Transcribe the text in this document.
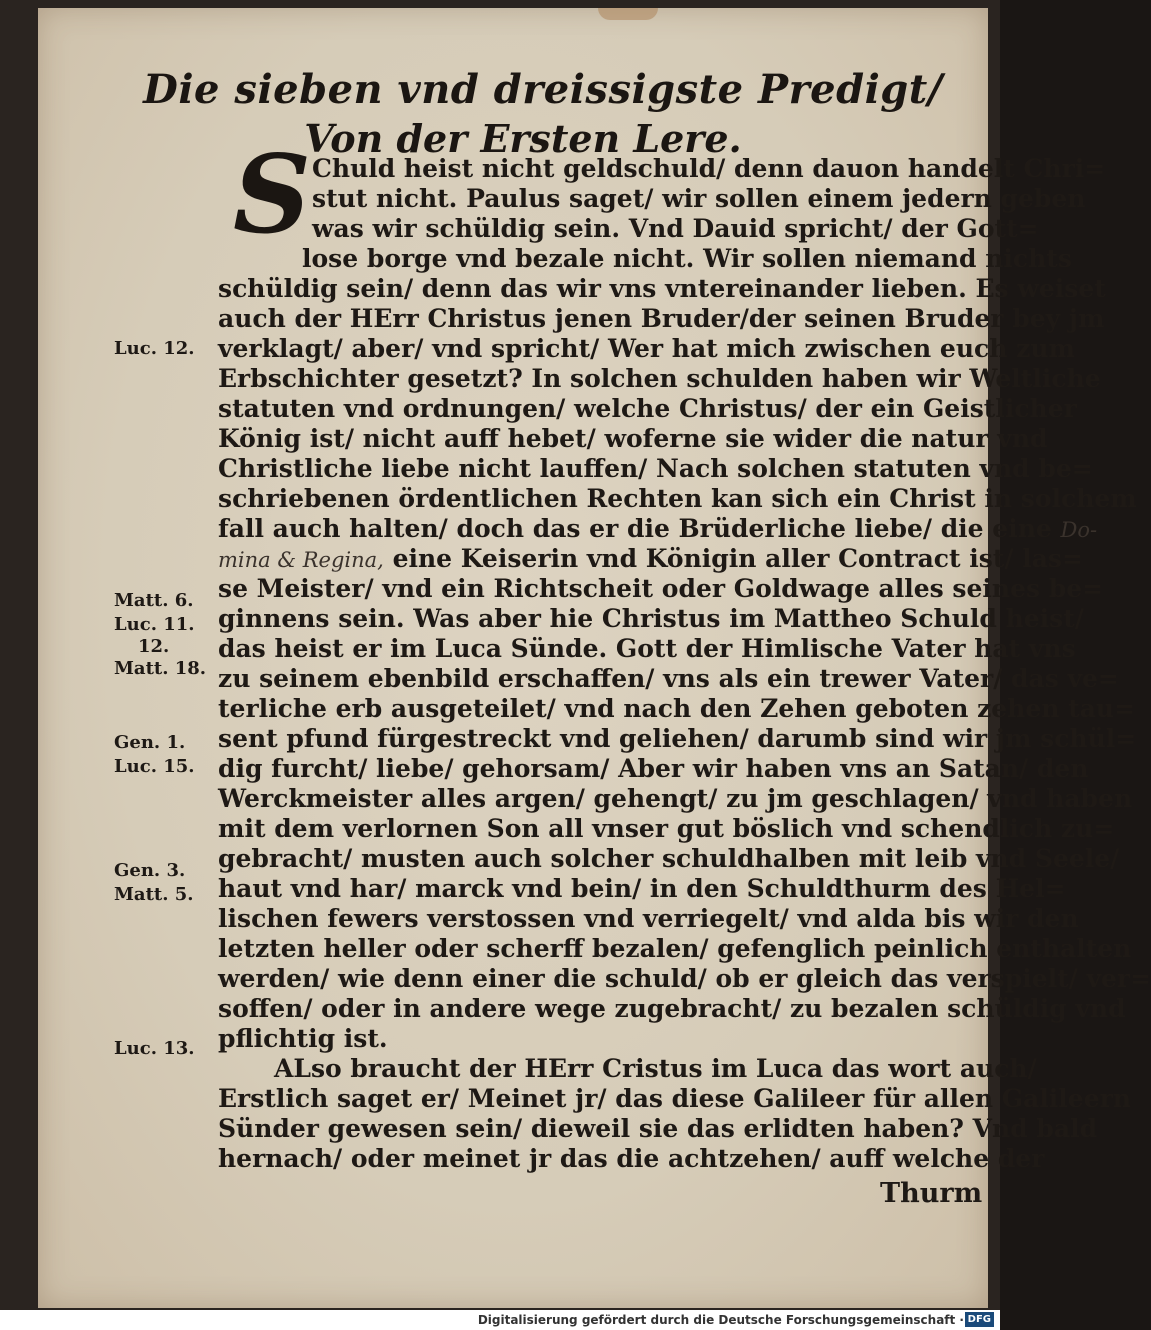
Die sieben vnd dreissigste Predigt/
Von der Ersten Lere.
S Chuld heist nicht geldschuld/ denn dauon handelt Chri=
stut nicht. Paulus saget/ wir sollen einem jedern geben
was wir schüldig sein. Vnd Dauid spricht/ der Gott=
lose borge vnd bezale nicht. Wir sollen niemand nichts
schüldig sein/ denn das wir vns vntereinander lieben. Es weiset
auch der HErr Christus jenen Bruder/der seinen Bruder bey jm
verklagt/ aber/ vnd spricht/ Wer hat mich zwischen euch zum
Erbschichter gesetzt? In solchen schulden haben wir Weltliche
statuten vnd ordnungen/ welche Christus/ der ein Geistlicher
König ist/ nicht auff hebet/ woferne sie wider die natur vnd
Christliche liebe nicht lauffen/ Nach solchen statuten vnd be=
schriebenen ördentlichen Rechten kan sich ein Christ in solchem
fall auch halten/ doch das er die Brüderliche liebe/ die eine Do-
mina & Regina, eine Keiserin vnd Königin aller Contract ist/ las=
se Meister/ vnd ein Richtscheit oder Goldwage alles seines be=
ginnens sein. Was aber hie Christus im Mattheo Schuld heist/
das heist er im Luca Sünde. Gott der Himlische Vater hat vns
zu seinem ebenbild erschaffen/ vns als ein trewer Vater/ das ve=
terliche erb ausgeteilet/ vnd nach den Zehen geboten zehen tau=
sent pfund fürgestreckt vnd geliehen/ darumb sind wir jm schül=
dig furcht/ liebe/ gehorsam/ Aber wir haben vns an Satan/ den
Werckmeister alles argen/ gehengt/ zu jm geschlagen/ vnd haben
mit dem verlornen Son all vnser gut böslich vnd schendlich zu=
gebracht/ musten auch solcher schuldhalben mit leib vnd Seele/
haut vnd har/ marck vnd bein/ in den Schuldthurm des Hel=
lischen fewers verstossen vnd verriegelt/ vnd alda bis wir den
letzten heller oder scherff bezalen/ gefenglich peinlich enthalten
werden/ wie denn einer die schuld/ ob er gleich das verspielt/ ver=
soffen/ oder in andere wege zugebracht/ zu bezalen schüldig vnd
pflichtig ist.
ALso braucht der HErr Cristus im Luca das wort auch/
Erstlich saget er/ Meinet jr/ das diese Galileer für allen Galileern
Sünder gewesen sein/ dieweil sie das erlidten haben? Vnd bald
hernach/ oder meinet jr das die achtzehen/ auff welche der
Thurm
Luc. 12.
Matt. 6.
Luc. 11.
12.
Matt. 18.
Gen. 1.
Luc. 15.
Gen. 3.
Matt. 5.
Luc. 13.
Digitalisierung gefördert durch die Deutsche Forschungsgemeinschaft · DFG
